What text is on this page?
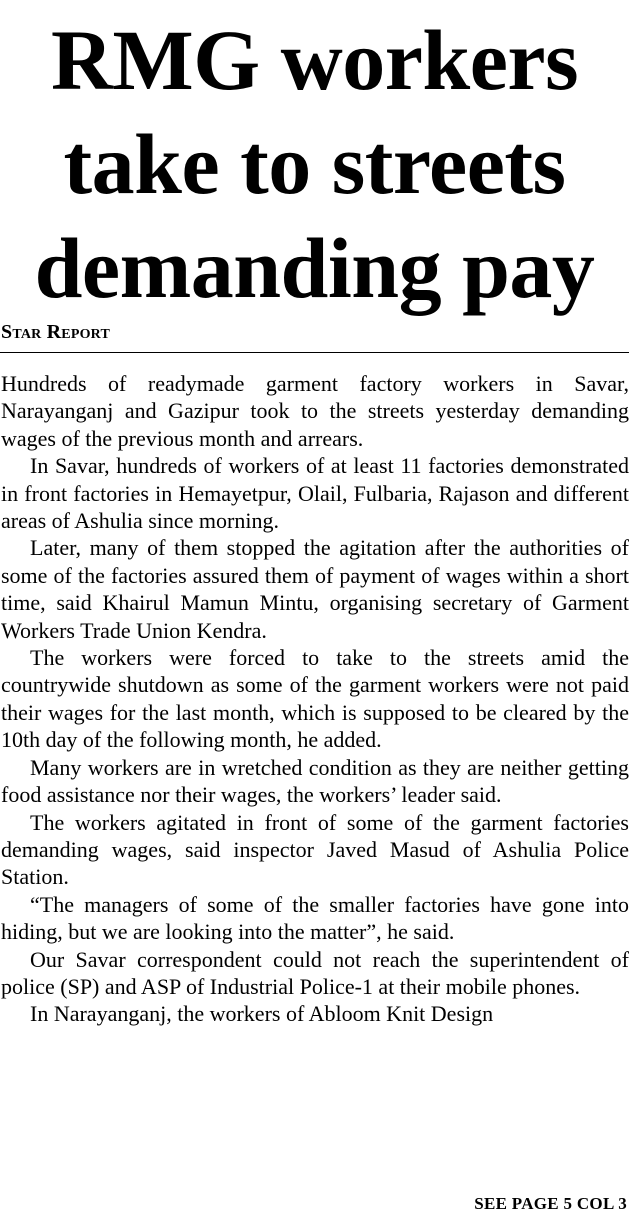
RMG workers
take to streets
demanding pay
Star Report

Hundreds of readymade garment factory workers in Savar, Narayanganj and Gazipur took to the streets yesterday demanding wages of the previous month and arrears.

In Savar, hundreds of workers of at least 11 factories demonstrated in front factories in Hemayetpur, Olail, Fulbaria, Rajason and different areas of Ashulia since morning.

Later, many of them stopped the agitation after the authorities of some of the factories assured them of payment of wages within a short time, said Khairul Mamun Mintu, organising secretary of Garment Workers Trade Union Kendra.

The workers were forced to take to the streets amid the countrywide shutdown as some of the garment workers were not paid their wages for the last month, which is supposed to be cleared by the 10th day of the following month, he added.

Many workers are in wretched condition as they are neither getting food assistance nor their wages, the workers’ leader said.

The workers agitated in front of some of the garment factories demanding wages, said inspector Javed Masud of Ashulia Police Station.

“The managers of some of the smaller factories have gone into hiding, but we are looking into the matter”, he said.

Our Savar correspondent could not reach the superintendent of police (SP) and ASP of Industrial Police-1 at their mobile phones.

In Narayanganj, the workers of Abloom Knit Design

SEE PAGE 5 COL 3
